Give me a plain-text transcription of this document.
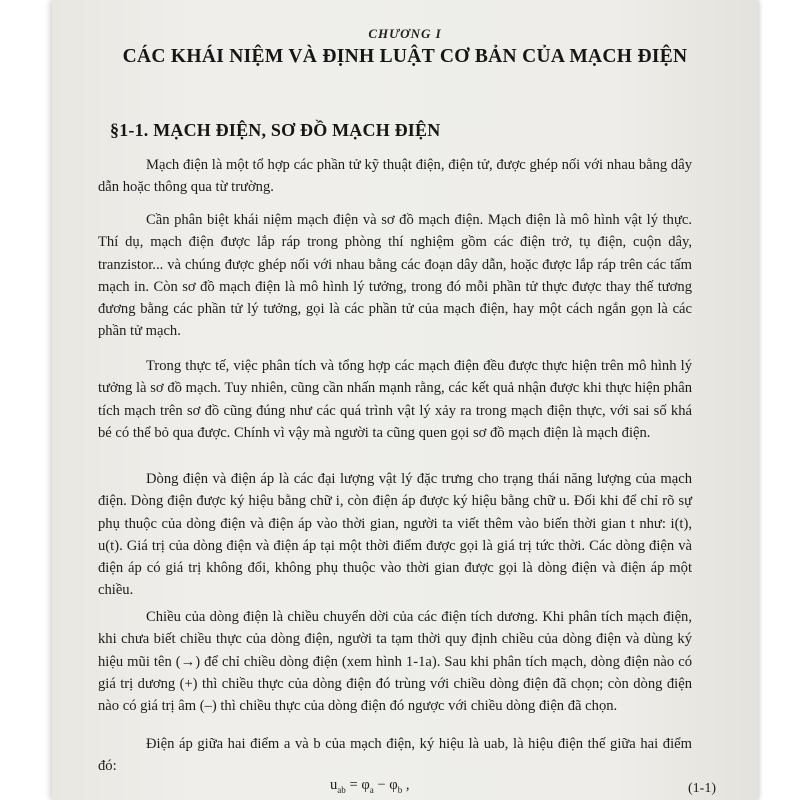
CHƯƠNG I
CÁC KHÁI NIỆM VÀ ĐỊNH LUẬT CƠ BẢN CỦA MẠCH ĐIỆN
§1-1. MẠCH ĐIỆN, SƠ ĐỒ MẠCH ĐIỆN

Mạch điện là một tổ hợp các phần tử kỹ thuật điện, điện tử, được ghép nối với nhau bằng dây dẫn hoặc thông qua từ trường.

Cần phân biệt khái niệm mạch điện và sơ đồ mạch điện. Mạch điện là mô hình vật lý thực. Thí dụ, mạch điện được lắp ráp trong phòng thí nghiệm gồm các điện trở, tụ điện, cuộn dây, tranzistor... và chúng được ghép nối với nhau bằng các đoạn dây dẫn, hoặc được lắp ráp trên các tấm mạch in. Còn sơ đồ mạch điện là mô hình lý tưởng, trong đó mỗi phần tử thực được thay thế tương đương bằng các phần tử lý tưởng, gọi là các phần tử của mạch điện, hay một cách ngắn gọn là các phần tử mạch.

Trong thực tế, việc phân tích và tổng hợp các mạch điện đều được thực hiện trên mô hình lý tưởng là sơ đồ mạch. Tuy nhiên, cũng cần nhấn mạnh rằng, các kết quả nhận được khi thực hiện phân tích mạch trên sơ đồ cũng đúng như các quá trình vật lý xảy ra trong mạch điện thực, với sai số khá bé có thể bỏ qua được. Chính vì vậy mà người ta cũng quen gọi sơ đồ mạch điện là mạch điện.

Dòng điện và điện áp là các đại lượng vật lý đặc trưng cho trạng thái năng lượng của mạch điện. Dòng điện được ký hiệu bằng chữ i, còn điện áp được ký hiệu bằng chữ u. Đối khi để chỉ rõ sự phụ thuộc của dòng điện và điện áp vào thời gian, người ta viết thêm vào biến thời gian t như: i(t), u(t). Giá trị của dòng điện và điện áp tại một thời điểm được gọi là giá trị tức thời. Các dòng điện và điện áp có giá trị không đổi, không phụ thuộc vào thời gian được gọi là dòng điện và điện áp một chiều.

Chiều của dòng điện là chiều chuyển dời của các điện tích dương. Khi phân tích mạch điện, khi chưa biết chiều thực của dòng điện, người ta tạm thời quy định chiều của dòng điện và dùng ký hiệu mũi tên (→) để chỉ chiều dòng điện (xem hình 1-1a). Sau khi phân tích mạch, dòng điện nào có giá trị dương (+) thì chiều thực của dòng điện đó trùng với chiều dòng điện đã chọn; còn dòng điện nào có giá trị âm (–) thì chiều thực của dòng điện đó ngược với chiều dòng điện đã chọn.

Điện áp giữa hai điểm a và b của mạch điện, ký hiệu là uab, là hiệu điện thế giữa hai điểm đó:

$u_{ab} = \varphi_a - \varphi_b$ ,	(1-1)
